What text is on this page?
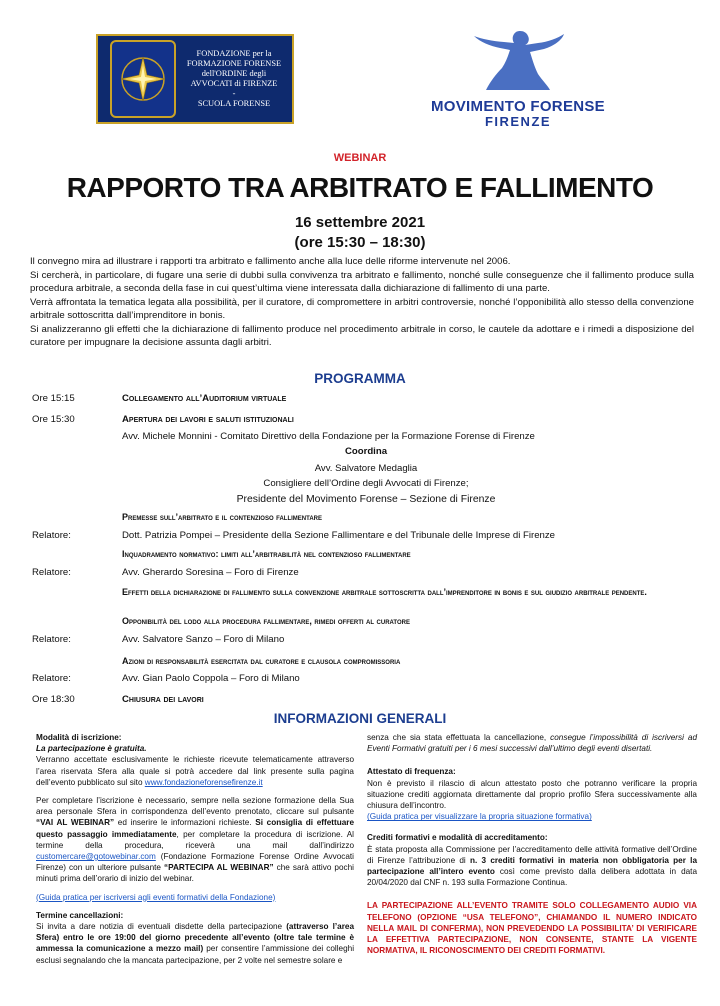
FONDAZIONE per la
FORMAZIONE FORENSE
dell'ORDINE degli
AVVOCATI di FIRENZE
-
SCUOLA FORENSE	MOVIMENTO FORENSE
FIRENZE
WEBINAR
RAPPORTO TRA ARBITRATO E FALLIMENTO
16 settembre 2021
(ore 15:30 – 18:30)

Il convegno mira ad illustrare i rapporti tra arbitrato e fallimento anche alla luce delle riforme intervenute nel 2006.

Si cercherà, in particolare, di fugare una serie di dubbi sulla convivenza tra arbitrato e fallimento, nonché sulle conseguenze che il fallimento produce sulla procedura arbitrale, a seconda della fase in cui quest’ultima viene interessata dalla dichiarazione di fallimento di una parte.

Verrà affrontata la tematica legata alla possibilità, per il curatore, di compromettere in arbitri controversie, nonché l’opponibilità allo stesso della convenzione arbitrale sottoscritta dall’imprenditore in bonis.

Si analizzeranno gli effetti che la dichiarazione di fallimento produce nel procedimento arbitrale in corso, le cautele da adottare e i rimedi a disposizione del curatore per impugnare la decisione assunta dagli arbitri.

PROGRAMMA
Ore 15:15	Collegamento all’Auditorium virtuale
Ore 15:30	Apertura dei lavori e saluti istituzionali
Avv. Michele Monnini - Comitato Direttivo della Fondazione per la Formazione Forense di Firenze
Coordina
Avv. Salvatore Medaglia
Consigliere dell’Ordine degli Avvocati di Firenze;
Presidente del Movimento Forense – Sezione di Firenze
Premesse sull’arbitrato e il contenzioso fallimentare
Relatore:	Dott. Patrizia Pompei – Presidente della Sezione Fallimentare e del Tribunale delle Imprese di Firenze
Inquadramento normativo: limiti all’arbitrabilità nel contenzioso fallimentare
Relatore:	Avv. Gherardo Soresina – Foro di Firenze
Effetti della dichiarazione di fallimento sulla convenzione arbitrale sottoscritta dall’imprenditore in bonis e sul giudizio arbitrale pendente.
Opponibilità del lodo alla procedura fallimentare, rimedi offerti al curatore
Relatore:	Avv. Salvatore Sanzo – Foro di Milano
Azioni di responsabilità esercitata dal curatore e clausola compromissoria
Relatore:	Avv. Gian Paolo Coppola – Foro di Milano
Ore 18:30	Chiusura dei lavori
INFORMAZIONI GENERALI

Modalità di iscrizione:

La partecipazione è gratuita.

Verranno accettate esclusivamente le richieste ricevute telematicamente attraverso l’area riservata Sfera alla quale si potrà accedere dal link presente sulla pagina dell’evento pubblicato sul sito www.fondazioneforensefirenze.it

Per completare l’iscrizione è necessario, sempre nella sezione formazione della Sua area personale Sfera in corrispondenza dell’evento prenotato, cliccare sul pulsante “VAI AL WEBINAR” ed inserire le informazioni richieste. Si consiglia di effettuare questo passaggio immediatamente, per completare la procedura di iscrizione. Al termine della procedura, riceverà una mail dall’indirizzo customercare@gotowebinar.com (Fondazione Formazione Forense Ordine Avvocati Firenze) con un ulteriore pulsante “PARTECIPA AL WEBINAR” che sarà attivo pochi minuti prima dell’orario di inizio del webinar.

(Guida pratica per iscriversi agli eventi formativi della Fondazione)

Termine cancellazioni:

Si invita a dare notizia di eventuali disdette della partecipazione (attraverso l’area Sfera) entro le ore 19:00 del giorno precedente all’evento (oltre tale termine è ammessa la comunicazione a mezzo mail) per consentire l’ammissione dei colleghi esclusi segnalando che la mancata partecipazione, per 2 volte nel semestre solare e

senza che sia stata effettuata la cancellazione, consegue l’impossibilità di iscriversi ad Eventi Formativi gratuiti per i 6 mesi successivi dall’ultimo degli eventi disertati.

Attestato di frequenza:

Non è previsto il rilascio di alcun attestato posto che potranno verificare la propria situazione crediti aggiornata direttamente dal proprio profilo Sfera successivamente alla chiusura dell’incontro.

(Guida pratica per visualizzare la propria situazione formativa)

Crediti formativi e modalità di accreditamento:

È stata proposta alla Commissione per l’accreditamento delle attività formative dell’Ordine di Firenze l’attribuzione di n. 3 crediti formativi in materia non obbligatoria per la partecipazione all’intero evento così come previsto dalla delibera adottata in data 20/04/2020 dal CNF n. 193 sulla Formazione Continua.

LA PARTECIPAZIONE ALL’EVENTO TRAMITE SOLO COLLEGAMENTO AUDIO VIA TELEFONO (OPZIONE “USA TELEFONO”, CHIAMANDO IL NUMERO INDICATO NELLA MAIL DI CONFERMA), NON PREVEDENDO LA POSSIBILITA’ DI VERIFICARE LA EFFETTIVA PARTECIPAZIONE, NON CONSENTE, STANTE LA VIGENTE NORMATIVA, IL RICONOSCIMENTO DEI CREDITI FORMATIVI.
